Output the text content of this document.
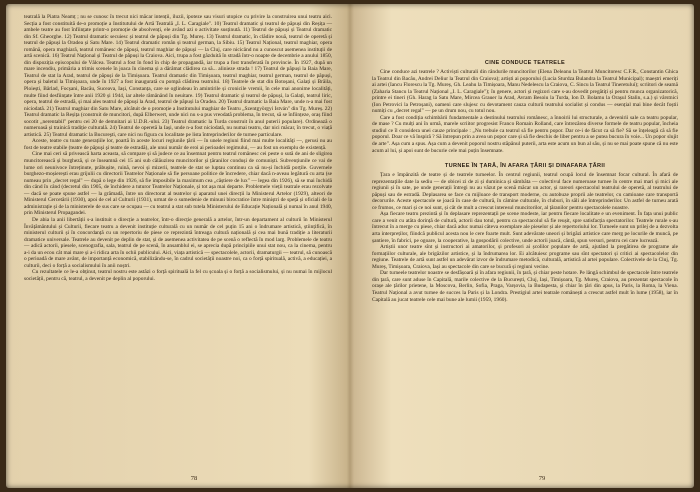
teatrală la Piatra Neamț ; nu se cunosc în trecut nici măcar intenții, iluzii, ipoteze sau visuri utopice cu privire la construirea unui teatru aici. Secția a fost constituită de-o promoție a Institutului de Artă Teatrală „I. L. Caragiale". 10) Teatrul dramatic și teatrul de păpuși din Reșița — ambele teatre au fost înființate printr-o promoție de absolvenți, ele având azi o activitate susținută. 11) Teatrul de păpuși și Teatrul dramatic din Sf. Gheorghe. 12) Teatrul dramatic secuiesc și teatrul de păpuși din Tg. Mureș. 13) Teatrul dramatic, în clădire nouă, teatrul de operetă și teatrul de păpuși la Oradea și Satu Mare. 14) Teatrul dramatic român și teatrul german, la Sibiu. 15) Teatrul Național, teatrul maghiar, opera română, opera maghiară, teatrul românesc de păpuși, teatrul maghiar de păpuși — la Cluj, care nicicând nu a cunoscut asemenea instituții de artă scenică. 16) Teatrul Național și Teatrul de păpuși la Craiova. Aici, trupa a fost găzduită în stradă într-o noapte de decembrie a anului 1850, din dispoziția episcopului de Vâlcea. Teatrul a fost în fond în chip de propagandă, iar trupa a fost transferată în provincie. În 1927, după un mare incendiu, primăria a trimis scenele în joaca în cinema și a dărâmat clădirea ca să... alinieze strada ! 17) Teatrul de păpuși la Baia Mare, Teatrul de stat la Arad, teatrul de păpuși de la Timișoara. Teatrul dramatic din Timișoara, teatrul maghiar, teatrul german, teatrul de păpuși, opera și baletul la Timișoara, unde în 1927 a fost inaugurată cu pompă clădirea teatrului. 18) Teatrele de stat din Botoșani, Galați și Brăila, Ploiești, Bârlad, Focșani, Bacău, Suceava, Iași, Constanța, care se oglindeau în amintirile și cronicile vremii, în cele mai anonime localități, multe fiind desființate între anii 1920 și 1944, iar altele rămânând în neuitare. 19) Teatrul dramatic și teatrul de păpuși, la Galați, teatrul liric, opera, teatrul de estradă, și mai ales teatrul de păpuși la Arad, teatrul de păpuși la Oradea. 20) Teatrul dramatic la Baia Mare, unde n-a mai fost niciodată. 21) Teatrul maghiar din Satu Mare, alcătuit de o promoție a Institutului maghiar de Teatru „Szentgyörgyi István" din Tg. Mureș. 22) Teatrul dramatic la Reșița (construit de muncitori, după Elberwert, unde nici nu s-a pus vreodată problema, în trecut, să se înființeze, oraș fiind socotit „nerentabil" pentru cei 20 de demnitari ai U.D.R.-ului. 23) Teatrul dramatic la Turda construit în anul puterii populare). Ordinează o numeroasă și trainică tradiție culturală. 24) Teatrul de operetă la Iași, unde n-a fost niciodată, nu numai teatru, dar nici măcar, în trecut, o viață artistică. 25) Teatrul dramatic la Bucureşti, care nici nu figura cu localitate pe lista întreprinderilor de turnee particulare.

Aceste, teatre cu toate generațiile lor, poartă în aceste locuri regiunile ţării — în unele regiuni fiind mai multe localităţi —, gerusi nu au fost de teatre stabile (teatre de păpuşi şi teatre de estradă), ale unui număr de eroi ai perioadei regimului, — au fost un exemplu de existență.

Cine mai ceri să privească harta aceasta, să compare și să judece ce au însemnat pentru teatrul românesc cei peste o sută de ani de sligirea muncitorească și burgheză, și ce înseamnă cei 15 ani sub călăuzirea muncitorilor și țăranilor conduși de comuniști. Subvențiunile ce vai de lume ori neunivoce întreținute, prăbușite, ruină, nevoi și mizerii, teatrele de stat se luptau continuu ca să nu-și închidă porțile. Guvernele burghezo-moșierești erau grijulii cu directorii Teatrelor Naționale să fie persoane politice de încredere, chiar dacă n-aveau legătură cu arta (se numeau prin „decret regal" — după o lege din 1926, să fie imposibile la maximum cea „câștiere de lux" — legea din 1926), să se mai închidă din când în când (decretul din 1905, de închidere a tuturor Teatrelor Naționale, și tot așa mai departe. Problemele vieții teatrale erau rezolvate — dacă se poate spune astfel — la grămadă, între un directorat al teatrelor și aparatul unei direcții la Ministerul Artelor (1929), alteori de Ministerul Cercetării (1930), apoi de cel al Culturii (1931), urmat de o sumedenie de minuni birocratice între miniștri de speță și oficiali de la administrație și de la ministerele de sus care se ocupau — cu teatrul a stat sub tutela Ministerului de Educație Națională și numai în anul 1940, prin Ministerul Propagandei.

De abia la anii libertății s-a instituit o direcție a teatrelor, într-o direcție generală a artelor, într-un departament al culturii în Ministerul Învățământului și Culturii, fiecare teatru a devenit instituție culturală cu un număr de cel puțin 15 ani o îndrumare artistică, științifică, în ministerul culturii și în concordanță cu un repertoriu de piese ce reprezintă întreaga cultură națională și cea mai bună tradiție a literaturii dramatice universale. Teatrele au devenit pe deplin de stat, și de asemenea activitatea de pe scenă o reflectă în mod larg. Problemele de teatru — adică actorii, piesele, scenografia, sala, teatrul de pe scenă, în ansamblul ei, se aprecia după principiile unui stat nou, ca la cinema, pentru a-i da un ecou cât mai mare și a-i ridica arta în ochii publicului. Aici, viața artistică — spectacolele, actorii, dramaturgii — teatrul, să cunoască o perioadă de mare avânt, de importanță economică, stabilizându-se, în cadrul societății noastre noi, ca o forță spirituală, activă, a educației, a culturii, deci o forță a socialismului în anii noștri.

Cu rezultatele ce le-a obținut, teatrul nostru este astăzi o forță spirituală la fel cu școala și o forță a socialismului, și nu numai în mijlocul societății, pentru că, teatrul, a devenit pe deplin al poporului.

78
CINE CONDUCE TEATRELE

Cine conduce azi teatrele ? Activiști culturali din rândurile muncitorilor (Elena Deleanu la Teatrul Muncitoresc C.F.R., Constantin Ghica la Teatrul din Bacău, Andrei Deliur la Teatrul din Craiova); artiști ai poporului (Lucia Sturdza Bulandra la Teatrul Municipal); maeștri emeriți ai artei (Iancu Florescu la Tg. Mureș, Gh. Leahu la Timișoara, Manu Nedelescu la Craiova, C. Sincu la Teatrul Tineretului); scriitori de seamă (Zaharia Stancu la Teatrul Național „I. L. Caragiale"); în genere, actori și regizori care s-au dovedit pregătiți și pentru munca organizatorică, printre ei tineri (Gh. Harag la Satu Mare, Mircea Grauer la Arad, Avram Besoiu la Turda, Ion D. Bolamu la Orașul Stalin, s.a.) și vârstnici (Ion Petrovici la Petroșani), oameni care slujesc cu devotament cauza culturii teatrului socialist și condus — esențial mai bine decât foștii numiți cu „decret regal" — pe un drum nou, cu totul nou.

Care a fost condiția schimbării fundamentale a destinului teatrului românesc, a înnoirii lui structurale, a devenirii sale ca teatru popular, de mase ? Cu mulți ani în urmă, marele scriitor progresist Franco Romain Rolland, care întrezărea diverse formele de teatru popular, încheia studiul ce îl considera unei cauze principale : „Nu trebuie ca teatrul să fie pentru popor. Dar ce-i de făcut ca să fie? Să se înțeleagă că să fie poporul. Doar ce vă înspiră ? Să întrepun prin a avea un popor care și să fie deschis de liber pentru a se putea bucura în voie... Un popor slujit de arte". Așa cum a spus. Așa cum a devenit poporul nostru stăpânul puterii, arta este acum un bun al său, și nu se mai poate spune că nu este acum al lui, și apoi sunt de bucurie cele mai puțin însemnate.

TURNEE ÎN ȚARĂ, ÎN AFARA ȚĂRII ȘI DINAFARA ȚĂRII

Țara e împânzită de teatre și de teatrele turneelor. În centrul regiunii, teatrul ocupă locul de însemnat focar cultural. În afară de reprezentațiile date la sediu — de obicei zi de zi și duminica și sâmbăta — colectivul face numeroase turnee în centre mai mari și mici ale regiunii și în sate, pe unde generații întregi nu au văzut pe scenă măcar un actor, și rareori spectacolul teatrului de operetă, al teatrului de păpuși sau de estradă. Deplasarea se face cu mijloace de transport moderne, cu autobuze proprii ale teatrelor, cu camioane care transportă decorurile. Aceste spectacole se joacă în case de cultură, în cămine culturale, în cluburi, în săli ale întreprinderilor. Un astfel de turneu arată ce frumos, ce mari și ce noi sunt, și cât de mult a crescut interesul muncitorilor, al țăranilor pentru spectacolele noastre.

Așa fiecare teatru prezintă și în deplasare reprezentații pe scene modeste, iar pentru fiecare localitate e un eveniment. În fața unui public care a venit cu atâta dorință de cultură, actorii dau totul, pentru ca spectacolul să fie reușit, spre satisfacția spectatorilor. Teatrele rurale s-au întrecut în a merge cu piese, chiar dacă aduc numai câteva exemplare ale pieselor și ale repertoriului lor. Turneele sunt un prilej de a dezvolta arta interpreților, fiindcă publicul acesta nou le cere foarte mult. Sunt adevărate uneori și brigăzi artistice care merg pe locurile de muncă, pe șantiere, în fabrici, pe ogoare, la cooperative, la gospodării colective, unde actorii joacă, cântă, spun versuri, pentru cei care lucrează.

Artiștii unor teatre sînt și instructori ai amatorilor, și profesori ai școlilor populare de artă, ajutând la pregătirea de programe ale formațiilor culturale, ale brigăzilor artistice, și la îndrumarea lor. Ei alcătuiesc programe sau sînt spectatori și critici ai spectacolelor din regiune. Teatrele de artă sunt astfel un adevărat izvor de îndrumare metodică, culturală, artistică al artei populare. Colectivele de la Cluj, Tg. Mureș, Timișoara, Craiova, Iași au spectacole din care se bucură și regiuni vecine.

Dar turneele teatrelor noastre se desfășoară și în afara regiunii, în țară, și chiar peste hotare. Pe lângă schimbul de spectacole între teatrele din țară, care sunt aduse în Capitală, marile colective de la București, Cluj, Iași, Timișoara, Tg. Mureș, Craiova, au prezentat spectacole în orașe ale țărilor prietene, la Moscova, Berlin, Sofia, Praga, Varșovia, la Budapesta, și chiar în țări din apus, la Paris, la Roma, la Viena. Teatrul Național a avut turnee de succes la Paris și la Londra. Prestigiul artei teatrale românești a crescut astfel mult în lume (1958), iar în Capitală au jucat teatrele cele mai bune ale lumii (1959, 1960).

79
